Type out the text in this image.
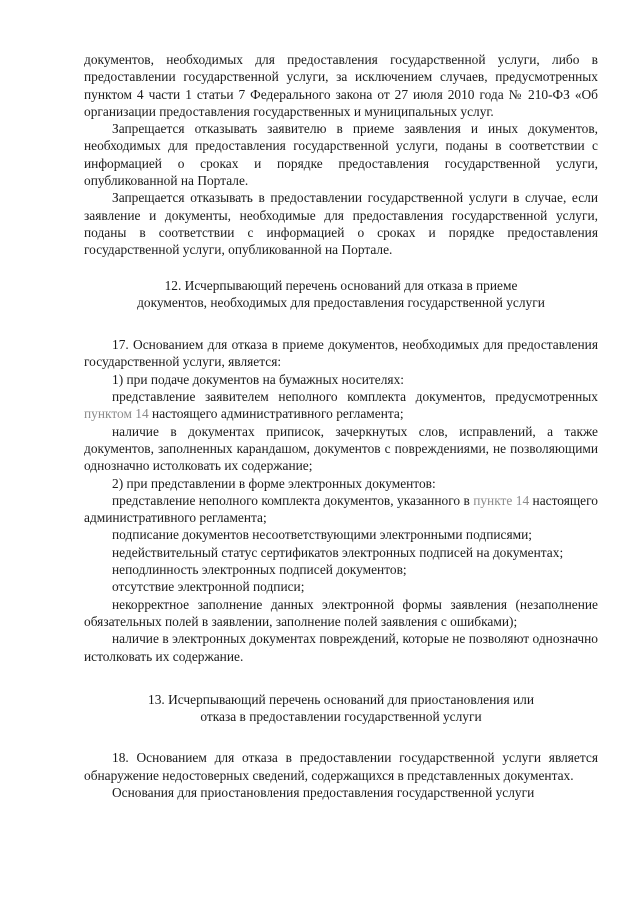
документов, необходимых для предоставления государственной услуги, либо в предоставлении государственной услуги, за исключением случаев, предусмотренных пунктом 4 части 1 статьи 7 Федерального закона от 27 июля 2010 года № 210-ФЗ «Об организации предоставления государственных и муниципальных услуг.

Запрещается отказывать заявителю в приеме заявления и иных документов, необходимых для предоставления государственной услуги, поданы в соответствии с информацией о сроках и порядке предоставления государственной услуги, опубликованной на Портале.

Запрещается отказывать в предоставлении государственной услуги в случае, если заявление и документы, необходимые для предоставления государственной услуги, поданы в соответствии с информацией о сроках и порядке предоставления государственной услуги, опубликованной на Портале.

12. Исчерпывающий перечень оснований для отказа в приеме

документов, необходимых для предоставления государственной услуги

17. Основанием для отказа в приеме документов, необходимых для предоставления государственной услуги, является:

1) при подаче документов на бумажных носителях:

представление заявителем неполного комплекта документов, предусмотренных пунктом 14 настоящего административного регламента;

наличие в документах приписок, зачеркнутых слов, исправлений, а также документов, заполненных карандашом, документов с повреждениями, не позволяющими однозначно истолковать их содержание;

2) при представлении в форме электронных документов:

представление неполного комплекта документов, указанного в пункте 14 настоящего административного регламента;

подписание документов несоответствующими электронными подписями;

недействительный статус сертификатов электронных подписей на документах;

неподлинность электронных подписей документов;

отсутствие электронной подписи;

некорректное заполнение данных электронной формы заявления (незаполнение обязательных полей в заявлении, заполнение полей заявления с ошибками);

наличие в электронных документах повреждений, которые не позволяют однозначно истолковать их содержание.

13. Исчерпывающий перечень оснований для приостановления или

отказа в предоставлении государственной услуги

18. Основанием для отказа в предоставлении государственной услуги является обнаружение недостоверных сведений, содержащихся в представленных документах.

Основания для приостановления предоставления государственной услуги
